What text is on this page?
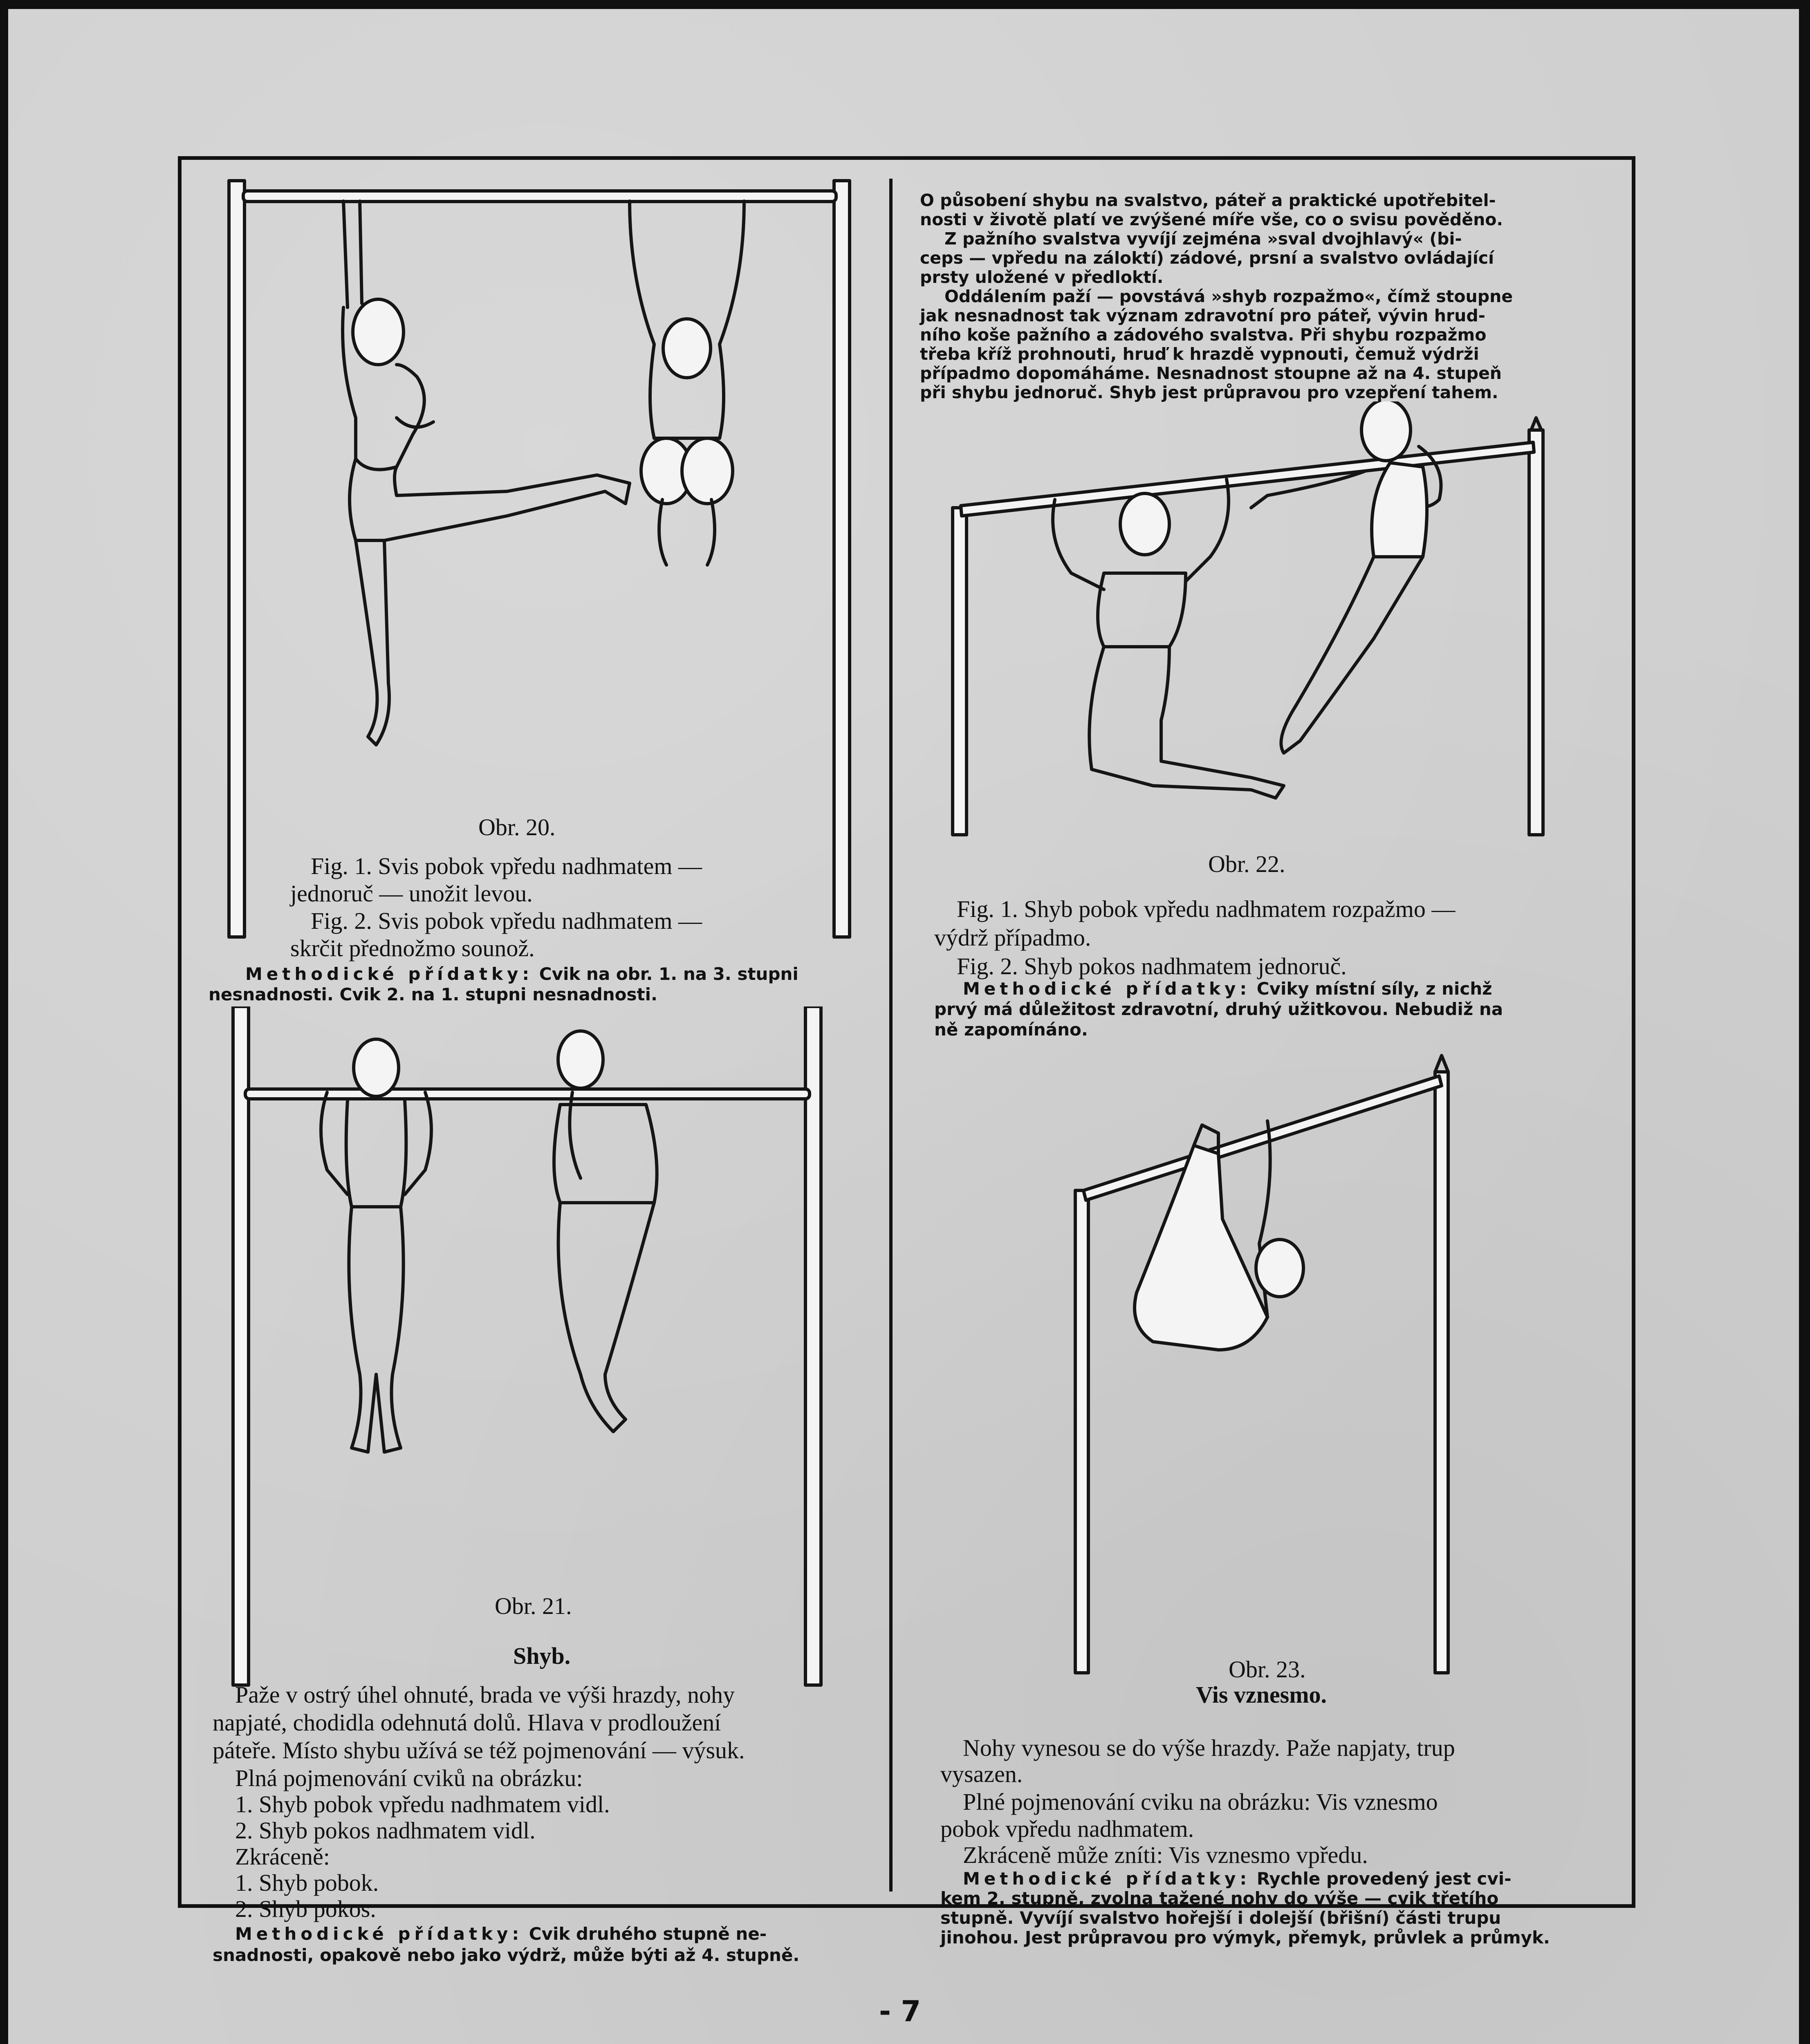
Obr. 20.
Fig. 1. Svis pobok vpředu nadhmatem —
jednoruč — unožit levou.
Fig. 2. Svis pobok vpředu nadhmatem —
skrčit přednožmo sounož.
Methodické přídatky: Cvik na obr. 1. na 3. stupni
nesnadnosti. Cvik 2. na 1. stupni nesnadnosti.
Obr. 21.
Shyb.
Paže v ostrý úhel ohnuté, brada ve výši hrazdy, nohy
napjaté, chodidla odehnutá dolů. Hlava v prodloužení
páteře. Místo shybu užívá se též pojmenování — výsuk.
Plná pojmenování cviků na obrázku:
1. Shyb pobok vpředu nadhmatem vidl.
2. Shyb pokos nadhmatem vidl.
Zkráceně:
1. Shyb pobok.
2. Shyb pokos.
Methodické přídatky: Cvik druhého stupně ne-
snadnosti, opakově nebo jako výdrž, může býti až 4. stupně.
O působení shybu na svalstvo, páteř a praktické upotřebitel-
nosti v životě platí ve zvýšené míře vše, co o svisu pověděno.
Z pažního svalstva vyvíjí zejména »sval dvojhlavý« (bi-
ceps — vpředu na záloktí) zádové, prsní a svalstvo ovládající
prsty uložené v předloktí.
Oddálením paží — povstává »shyb rozpažmo«, čímž stoupne
jak nesnadnost tak význam zdravotní pro páteř, vývin hrud-
ního koše pažního a zádového svalstva. Při shybu rozpažmo
třeba kříž prohnouti, hruď k hrazdě vypnouti, čemuž výdrži
případmo dopomáháme. Nesnadnost stoupne až na 4. stupeň
při shybu jednoruč. Shyb jest průpravou pro vzepření tahem.
Obr. 22.
Fig. 1. Shyb pobok vpředu nadhmatem rozpažmo —
výdrž případmo.
Fig. 2. Shyb pokos nadhmatem jednoruč.
Methodické přídatky: Cviky místní síly, z nichž
prvý má důležitost zdravotní, druhý užitkovou. Nebudiž na
ně zapomínáno.
Obr. 23.
Vis vznesmo.
Nohy vynesou se do výše hrazdy. Paže napjaty, trup
vysazen.
Plné pojmenování cviku na obrázku: Vis vznesmo
pobok vpředu nadhmatem.
Zkráceně může zníti: Vis vznesmo vpředu.
Methodické přídatky: Rychle provedený jest cvi-
kem 2. stupně, zvolna tažené nohy do výše — cvik třetího
stupně. Vyvíjí svalstvo hořejší i dolejší (břišní) části trupu
jinohou. Jest průpravou pro výmyk, přemyk, průvlek a průmyk.
- 7
